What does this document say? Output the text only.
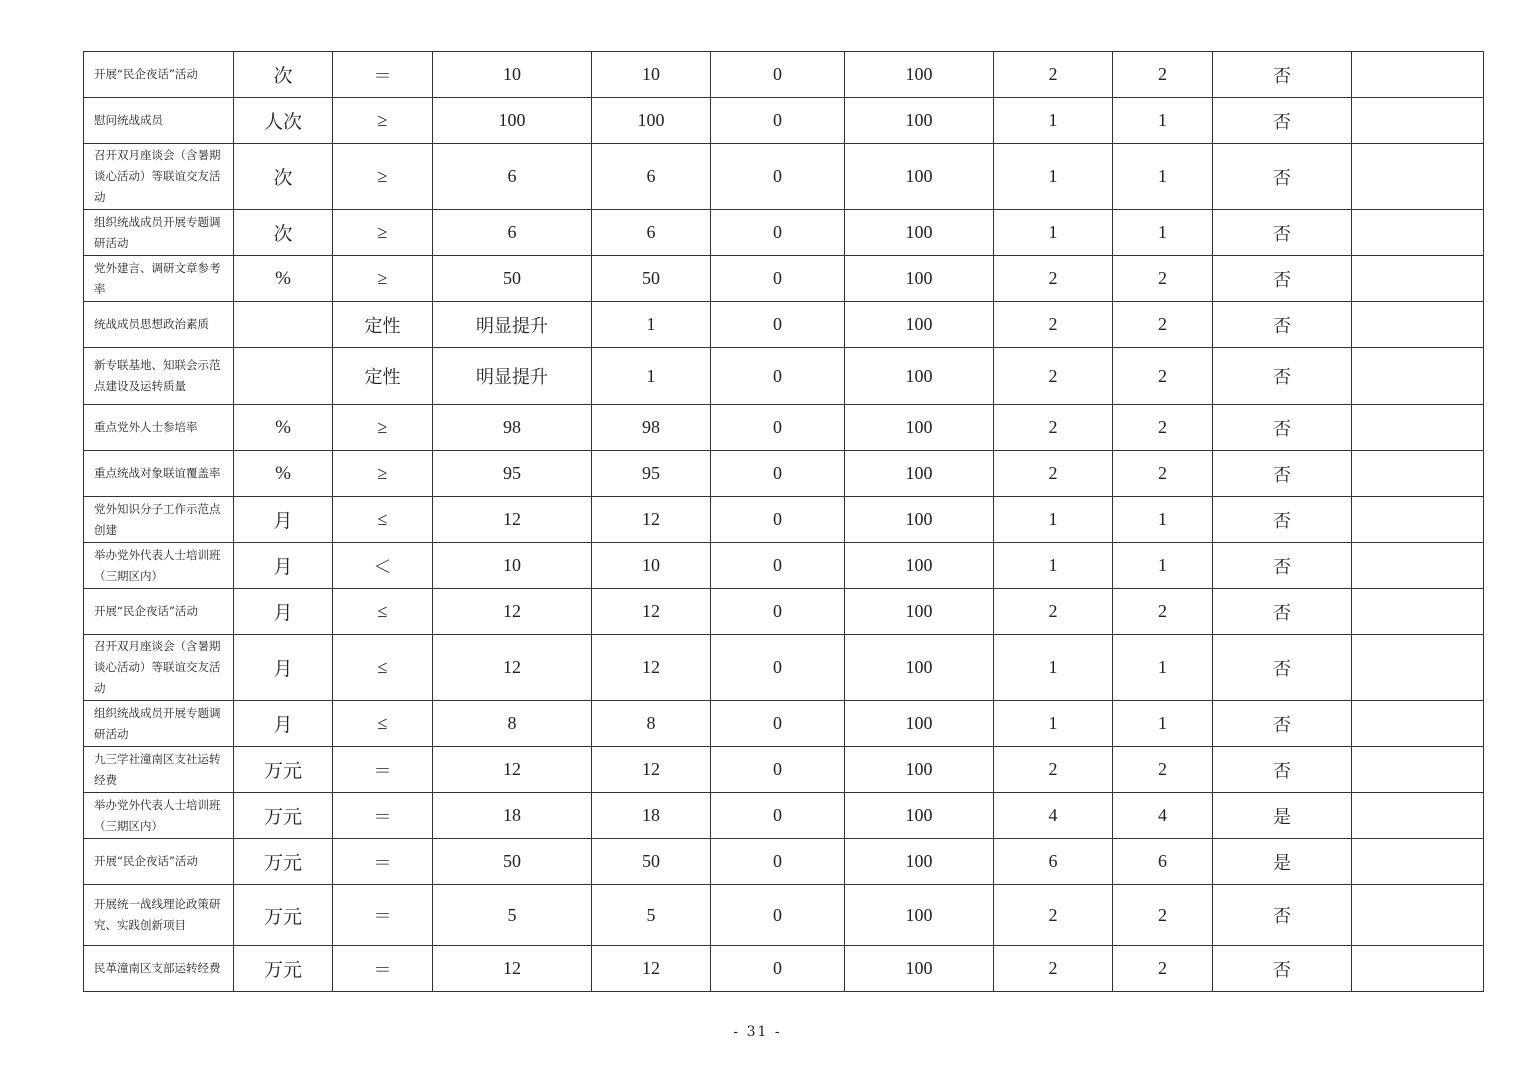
开展“民企夜话”活动	次	＝	10	10	0	100	2	2	否	
慰问统战成员	人次	≥	100	100	0	100	1	1	否	
召开双月座谈会（含暑期谈心活动）等联谊交友活动	次	≥	6	6	0	100	1	1	否	
组织统战成员开展专题调研活动	次	≥	6	6	0	100	1	1	否	
党外建言、调研文章参考率	%	≥	50	50	0	100	2	2	否	
统战成员思想政治素质		定性	明显提升	1	0	100	2	2	否	
新专联基地、知联会示范点建设及运转质量		定性	明显提升	1	0	100	2	2	否	
重点党外人士参培率	%	≥	98	98	0	100	2	2	否	
重点统战对象联谊覆盖率	%	≥	95	95	0	100	2	2	否	
党外知识分子工作示范点创建	月	≤	12	12	0	100	1	1	否	
举办党外代表人士培训班（三期区内）	月	＜	10	10	0	100	1	1	否	
开展“民企夜话”活动	月	≤	12	12	0	100	2	2	否	
召开双月座谈会（含暑期谈心活动）等联谊交友活动	月	≤	12	12	0	100	1	1	否	
组织统战成员开展专题调研活动	月	≤	8	8	0	100	1	1	否	
九三学社潼南区支社运转经费	万元	＝	12	12	0	100	2	2	否	
举办党外代表人士培训班（三期区内）	万元	＝	18	18	0	100	4	4	是	
开展“民企夜话”活动	万元	＝	50	50	0	100	6	6	是	
开展统一战线理论政策研究、实践创新项目	万元	＝	5	5	0	100	2	2	否	
民革潼南区支部运转经费	万元	＝	12	12	0	100	2	2	否	
- 31 -
